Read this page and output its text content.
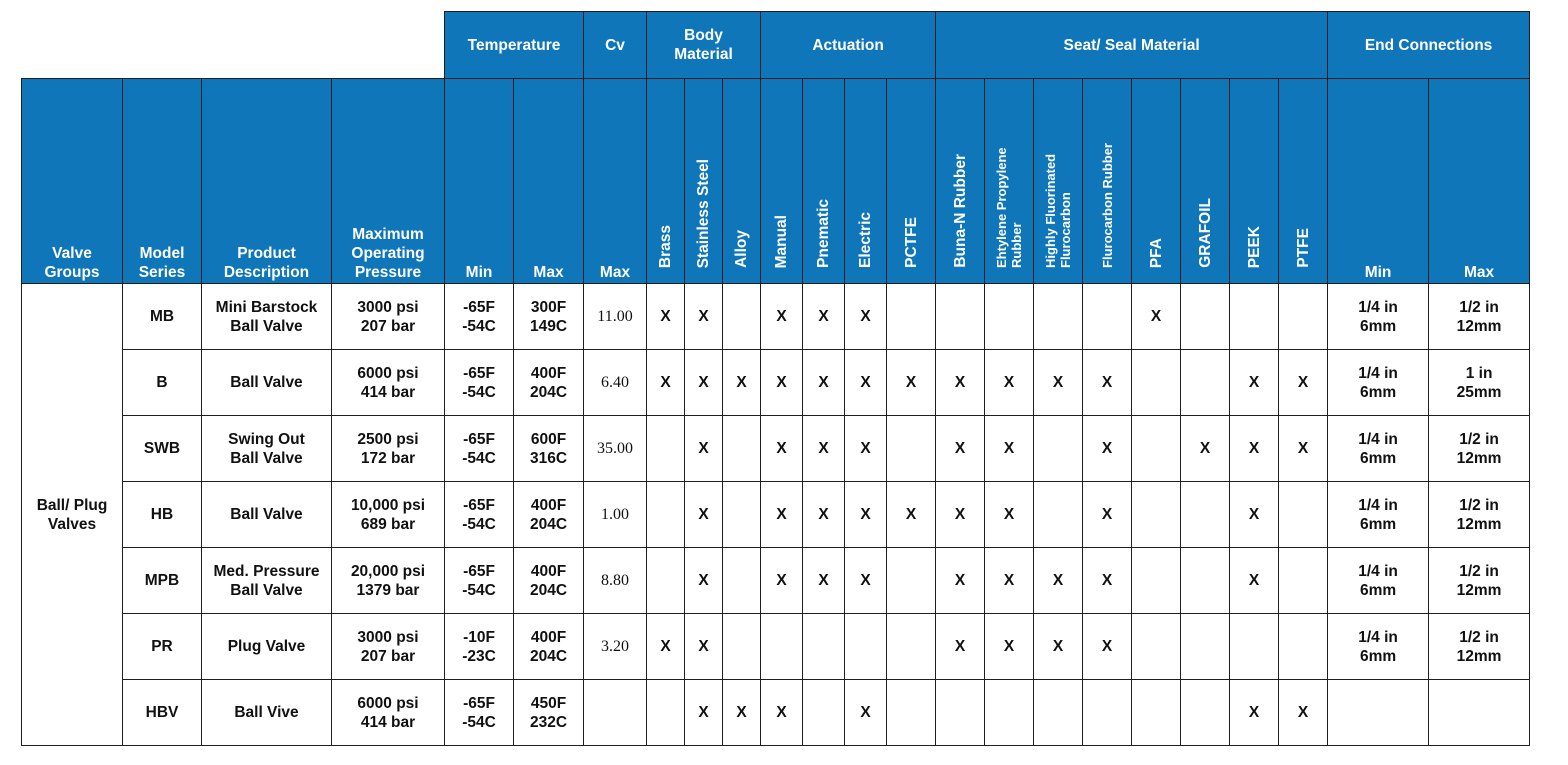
				Temperature		Cv	Body Material			Actuation				Seat/ Seal Material								End Connections	
Valve Groups	Model Series	Product Description	Maximum Operating Pressure	Min	Max	Max	Brass	Stainless Steel	Alloy	Manual	Pnematic	Electric	PCTFE	Buna-N Rubber	Ehtylene Propylene Rubber	Highly Fluorinated Flurocarbon	Flurocarbon Rubber	PFA	GRAFOIL	PEEK	PTFE	Min	Max
Ball/ Plug Valves	MB	Mini Barstock
Ball Valve	3000 psi
207 bar	-65F
-54C	300F
149C	11.00	X	X		X	X	X						X				1/4 in
6mm	1/2 in
12mm
	B	Ball Valve	6000 psi
414 bar	-65F
-54C	400F
204C	6.40	X	X	X	X	X	X	X	X	X	X	X			X	X	1/4 in
6mm	1 in
25mm
	SWB	Swing Out
Ball Valve	2500 psi
172 bar	-65F
-54C	600F
316C	35.00		X		X	X	X		X	X		X		X	X	X	1/4 in
6mm	1/2 in
12mm
	HB	Ball Valve	10,000 psi
689 bar	-65F
-54C	400F
204C	1.00		X		X	X	X	X	X	X		X			X		1/4 in
6mm	1/2 in
12mm
	MPB	Med. Pressure
Ball Valve	20,000 psi
1379 bar	-65F
-54C	400F
204C	8.80		X		X	X	X		X	X	X	X			X		1/4 in
6mm	1/2 in
12mm
	PR	Plug Valve	3000 psi
207 bar	-10F
-23C	400F
204C	3.20	X	X						X	X	X	X					1/4 in
6mm	1/2 in
12mm
	HBV	Ball Vive	6000 psi
414 bar	-65F
-54C	450F
232C			X	X	X		X								X	X		
